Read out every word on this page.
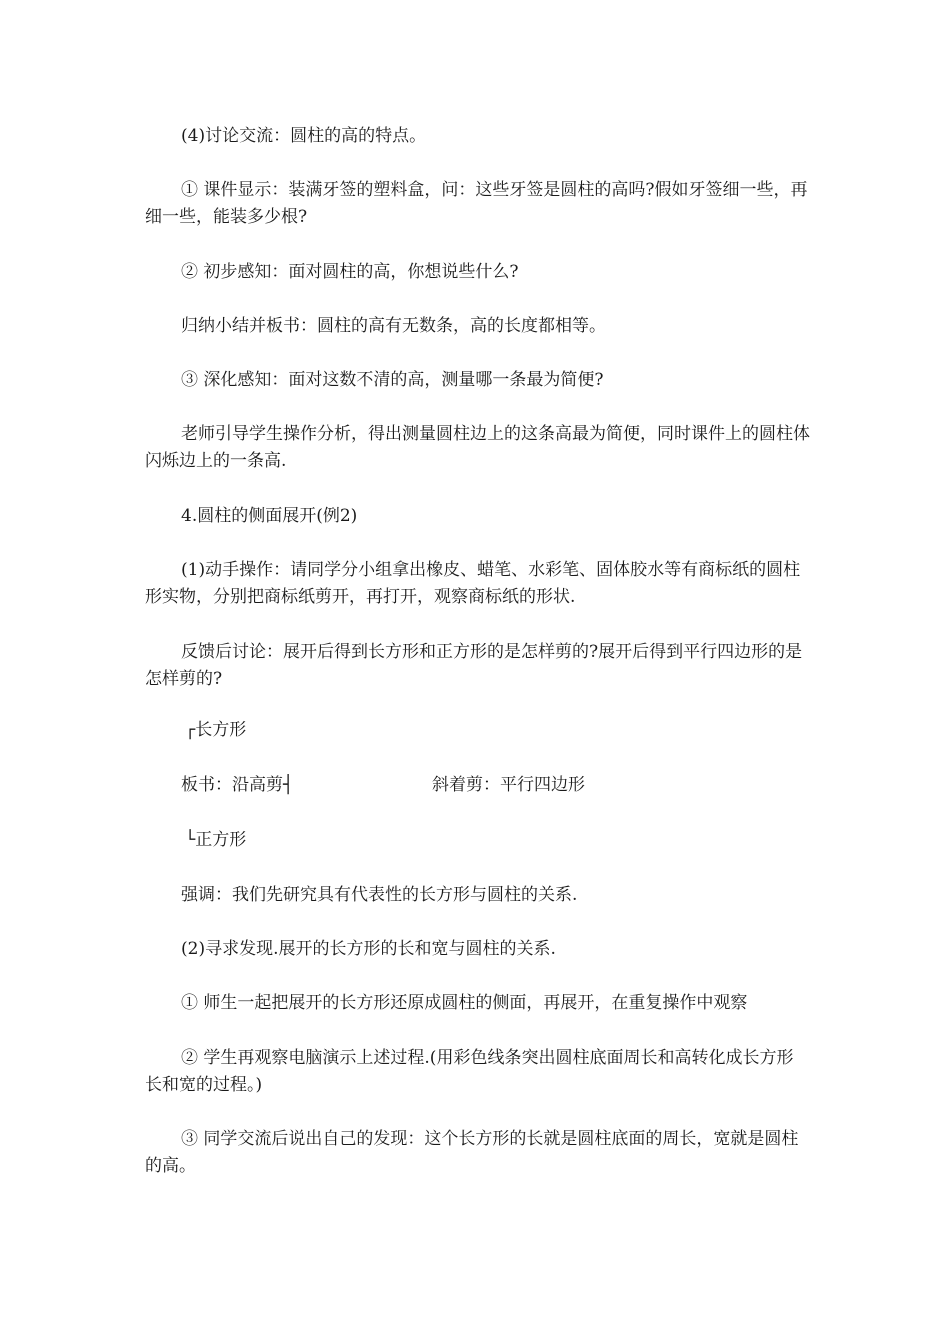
(4)讨论交流：圆柱的高的特点。

① 课件显示：装满牙签的塑料盒，问：这些牙签是圆柱的高吗?假如牙签细一些，再细一些，能装多少根?

② 初步感知：面对圆柱的高，你想说些什么?

归纳小结并板书：圆柱的高有无数条，高的长度都相等。

③ 深化感知：面对这数不清的高，测量哪一条最为简便?

老师引导学生操作分析，得出测量圆柱边上的这条高最为简便，同时课件上的圆柱体闪烁边上的一条高.

4.圆柱的侧面展开(例2)

(1)动手操作：请同学分小组拿出橡皮、蜡笔、水彩笔、固体胶水等有商标纸的圆柱形实物，分别把商标纸剪开，再打开，观察商标纸的形状.

反馈后讨论：展开后得到长方形和正方形的是怎样剪的?展开后得到平行四边形的是怎样剪的?

┌长方形
板书：沿高剪┤	斜着剪：平行四边形
└正方形

强调：我们先研究具有代表性的长方形与圆柱的关系.

(2)寻求发现.展开的长方形的长和宽与圆柱的关系.

① 师生一起把展开的长方形还原成圆柱的侧面，再展开，在重复操作中观察

② 学生再观察电脑演示上述过程.(用彩色线条突出圆柱底面周长和高转化成长方形长和宽的过程。)

③ 同学交流后说出自己的发现：这个长方形的长就是圆柱底面的周长，宽就是圆柱的高。
